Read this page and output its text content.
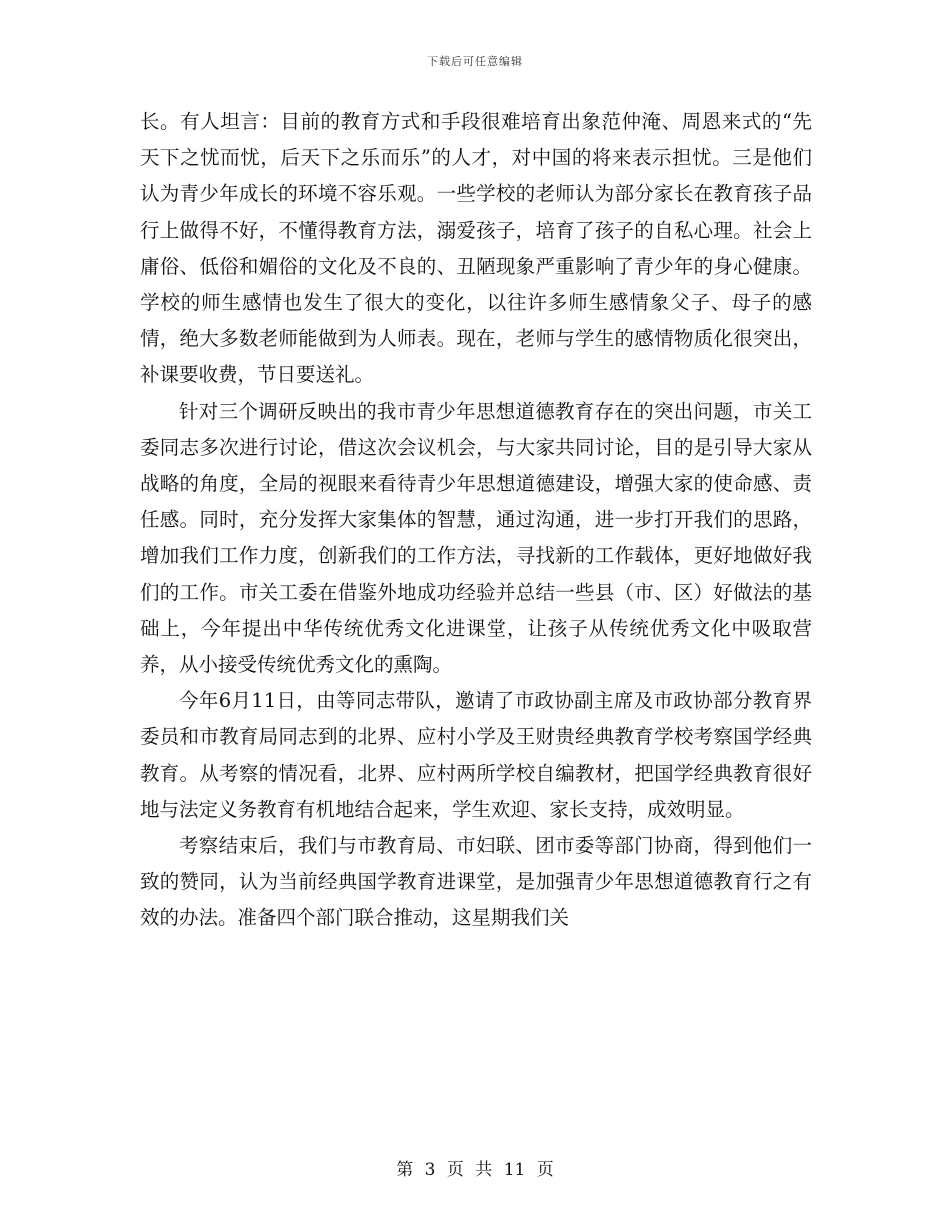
下载后可任意编辑

长。有人坦言：目前的教育方式和手段很难培育出象范仲淹、周恩来式的“先天下之忧而忧，后天下之乐而乐”的人才，对中国的将来表示担忧。三是他们认为青少年成长的环境不容乐观。一些学校的老师认为部分家长在教育孩子品行上做得不好，不懂得教育方法，溺爱孩子，培育了孩子的自私心理。社会上庸俗、低俗和媚俗的文化及不良的、丑陋现象严重影响了青少年的身心健康。学校的师生感情也发生了很大的变化，以往许多师生感情象父子、母子的感情，绝大多数老师能做到为人师表。现在，老师与学生的感情物质化很突出，补课要收费，节日要送礼。

针对三个调研反映出的我市青少年思想道德教育存在的突出问题，市关工委同志多次进行讨论，借这次会议机会，与大家共同讨论，目的是引导大家从战略的角度，全局的视眼来看待青少年思想道德建设，增强大家的使命感、责任感。同时，充分发挥大家集体的智慧，通过沟通，进一步打开我们的思路，增加我们工作力度，创新我们的工作方法，寻找新的工作载体，更好地做好我们的工作。市关工委在借鉴外地成功经验并总结一些县（市、区）好做法的基础上，今年提出中华传统优秀文化进课堂，让孩子从传统优秀文化中吸取营养，从小接受传统优秀文化的熏陶。

今年6月11日，由等同志带队，邀请了市政协副主席及市政协部分教育界委员和市教育局同志到的北界、应村小学及王财贵经典教育学校考察国学经典教育。从考察的情况看，北界、应村两所学校自编教材，把国学经典教育很好地与法定义务教育有机地结合起来，学生欢迎、家长支持，成效明显。

考察结束后，我们与市教育局、市妇联、团市委等部门协商，得到他们一致的赞同，认为当前经典国学教育进课堂，是加强青少年思想道德教育行之有效的办法。准备四个部门联合推动，这星期我们关

第 3 页 共 11 页
